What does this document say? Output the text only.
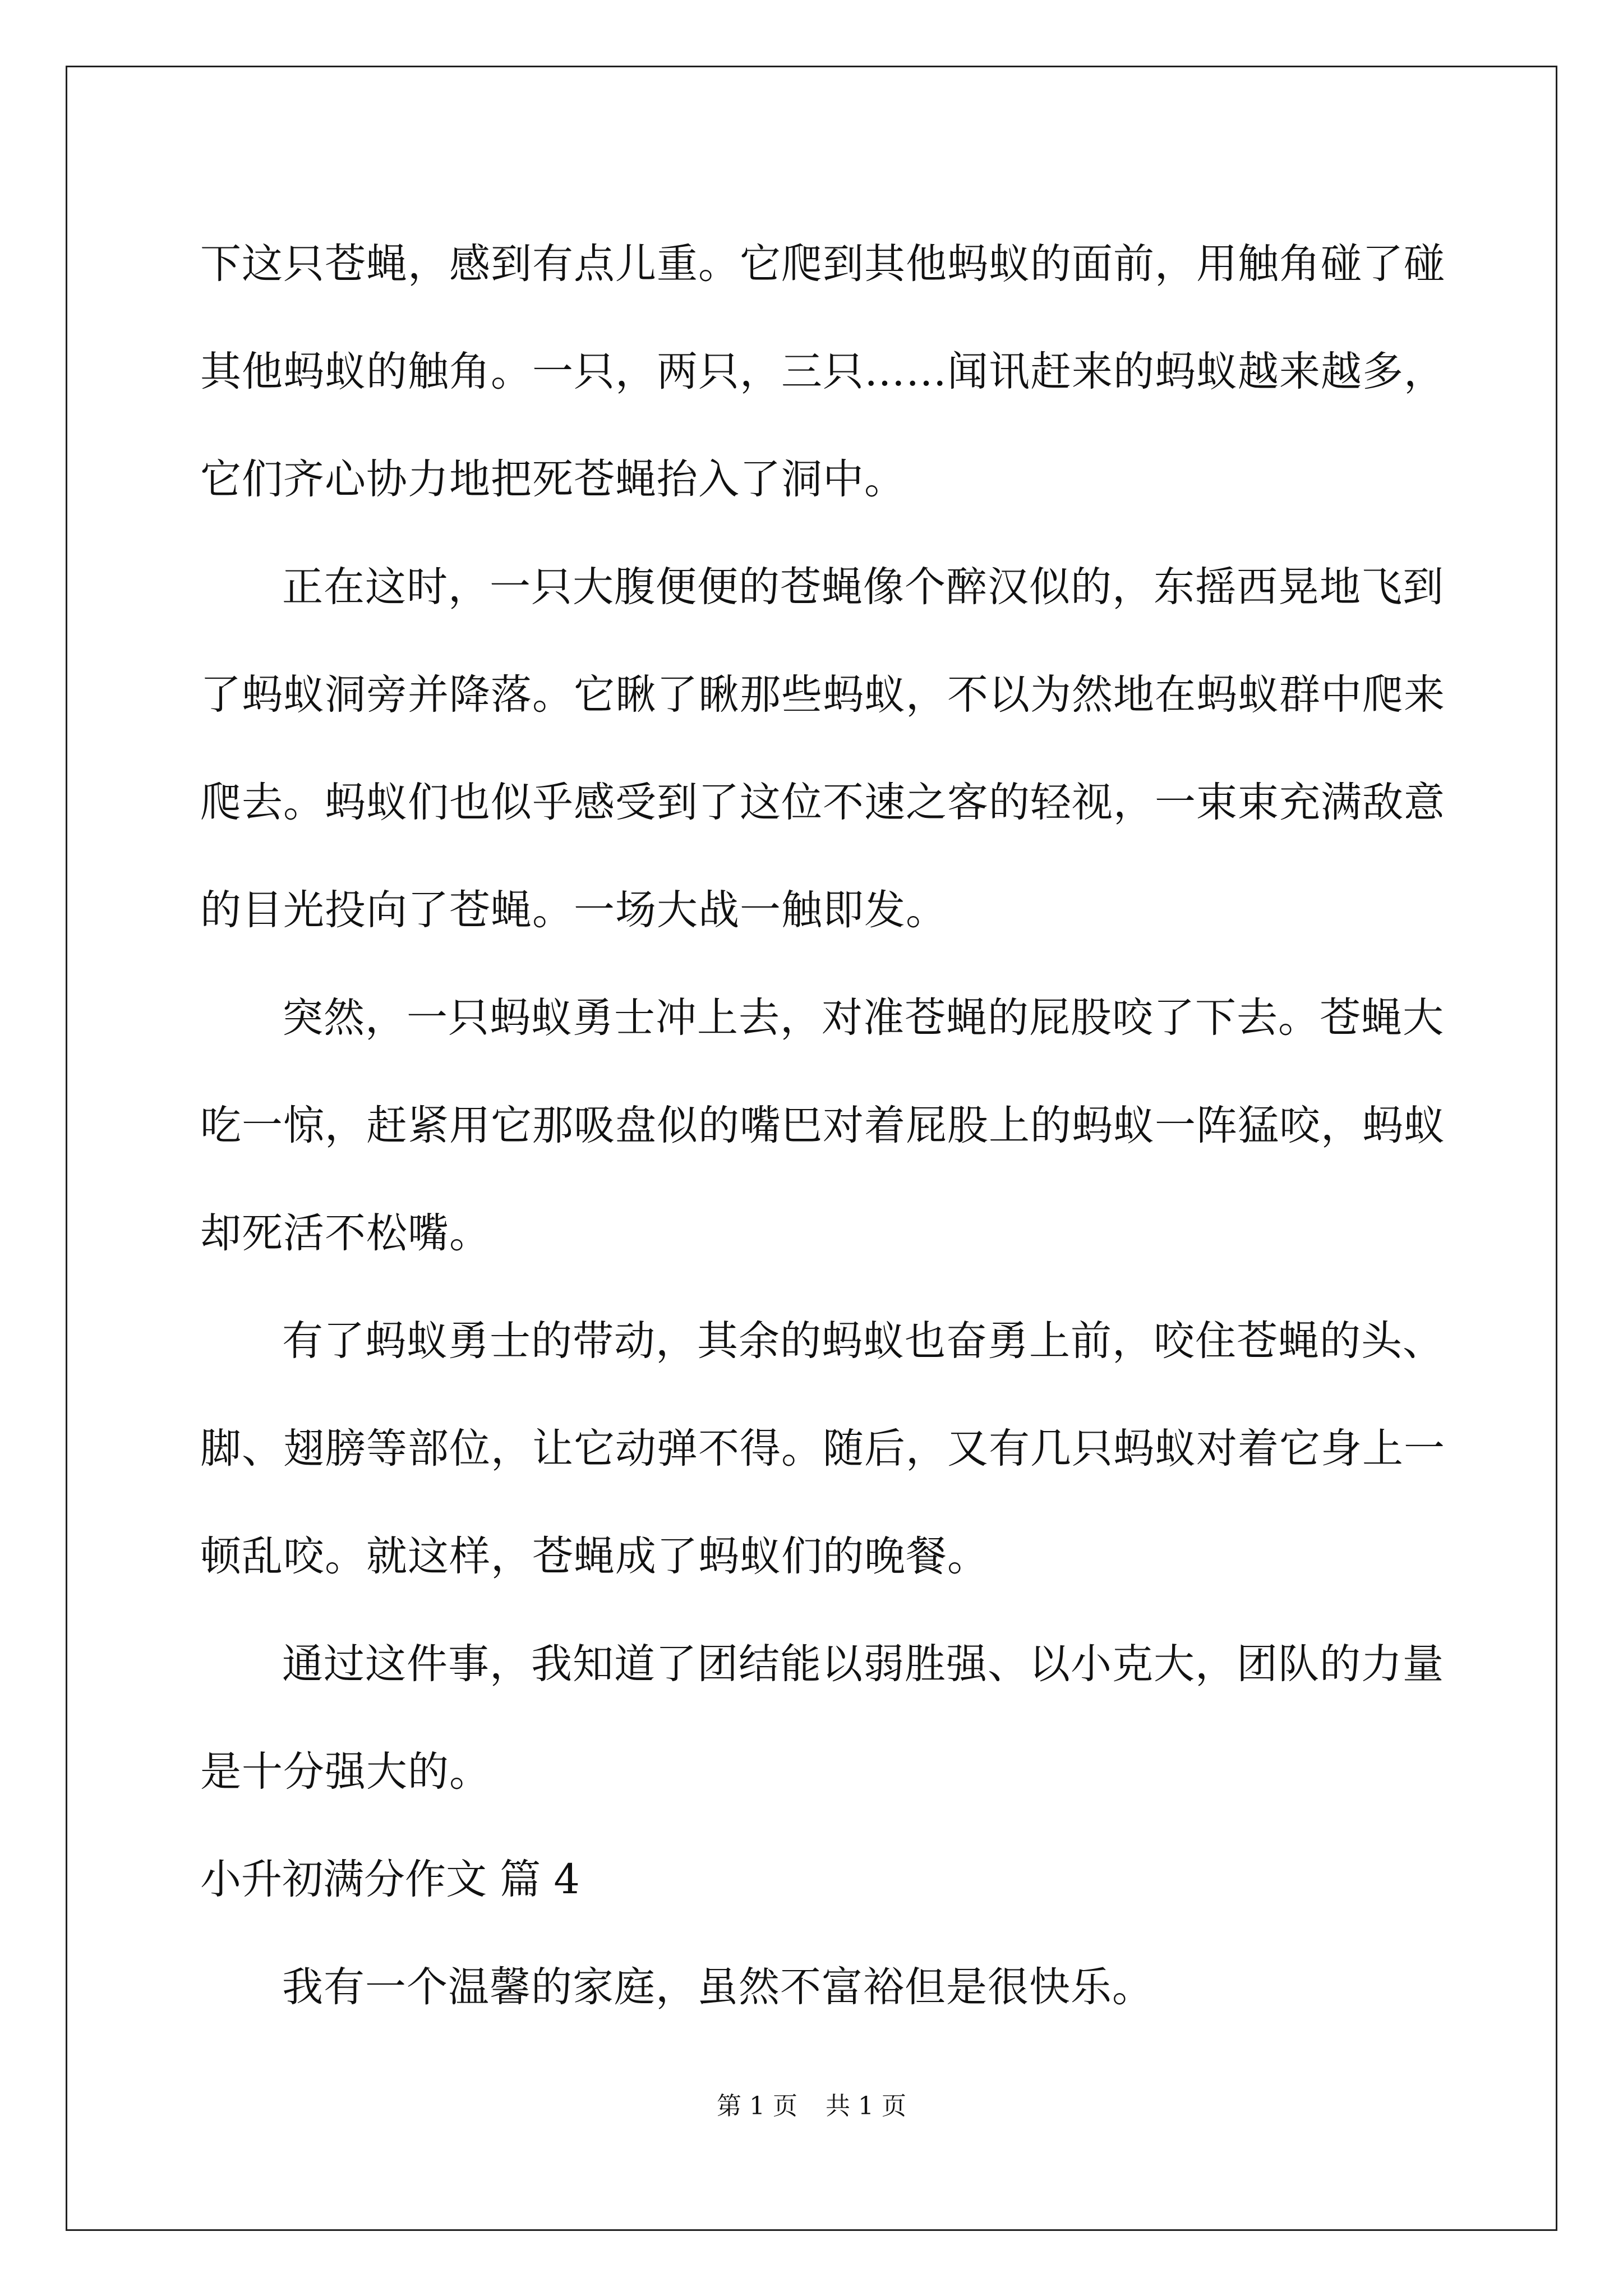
下这只苍蝇，感到有点儿重。它爬到其他蚂蚁的面前，用触角碰了碰
其他蚂蚁的触角。一只，两只，三只……闻讯赶来的蚂蚁越来越多，
它们齐心协力地把死苍蝇抬入了洞中。

正在这时，一只大腹便便的苍蝇像个醉汉似的，东摇西晃地飞到
了蚂蚁洞旁并降落。它瞅了瞅那些蚂蚁，不以为然地在蚂蚁群中爬来
爬去。蚂蚁们也似乎感受到了这位不速之客的轻视，一束束充满敌意
的目光投向了苍蝇。一场大战一触即发。

突然，一只蚂蚁勇士冲上去，对准苍蝇的屁股咬了下去。苍蝇大
吃一惊，赶紧用它那吸盘似的嘴巴对着屁股上的蚂蚁一阵猛咬，蚂蚁
却死活不松嘴。

有了蚂蚁勇士的带动，其余的蚂蚁也奋勇上前，咬住苍蝇的头、
脚、翅膀等部位，让它动弹不得。随后，又有几只蚂蚁对着它身上一
顿乱咬。就这样，苍蝇成了蚂蚁们的晚餐。

通过这件事，我知道了团结能以弱胜强、以小克大，团队的力量
是十分强大的。

小升初满分作文 篇 4

我有一个温馨的家庭，虽然不富裕但是很快乐。

第 1 页 共 1 页
